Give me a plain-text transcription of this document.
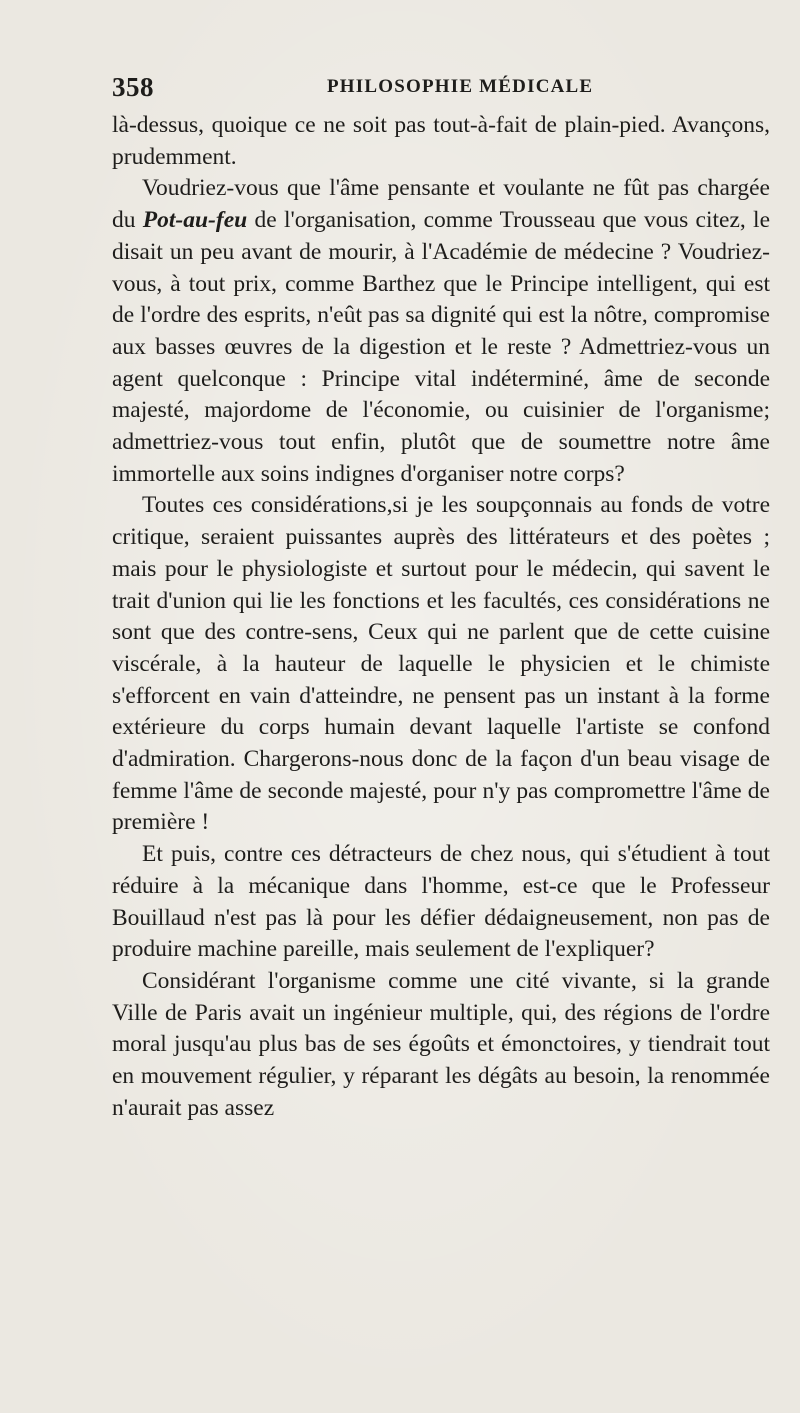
358	PHILOSOPHIE MÉDICALE

là-dessus, quoique ce ne soit pas tout-à-fait de plain-pied. Avançons, prudemment.

Voudriez-vous que l'âme pensante et voulante ne fût pas chargée du Pot-au-feu de l'organisation, comme Trousseau que vous citez, le disait un peu avant de mourir, à l'Académie de médecine ? Voudriez-vous, à tout prix, comme Barthez que le Principe intelligent, qui est de l'ordre des esprits, n'eût pas sa dignité qui est la nôtre, compromise aux basses œuvres de la digestion et le reste ? Admettriez-vous un agent quelconque : Principe vital indéterminé, âme de seconde majesté, majordome de l'économie, ou cuisinier de l'organisme; admettriez-vous tout enfin, plutôt que de soumettre notre âme immortelle aux soins indignes d'organiser notre corps?

Toutes ces considérations,si je les soupçonnais au fonds de votre critique, seraient puissantes auprès des littérateurs et des poètes ; mais pour le physiologiste et surtout pour le médecin, qui savent le trait d'union qui lie les fonctions et les facultés, ces considérations ne sont que des contre-sens, Ceux qui ne parlent que de cette cuisine viscérale, à la hauteur de laquelle le physicien et le chimiste s'efforcent en vain d'atteindre, ne pensent pas un instant à la forme extérieure du corps humain devant laquelle l'artiste se confond d'admiration. Chargerons-nous donc de la façon d'un beau visage de femme l'âme de seconde majesté, pour n'y pas compromettre l'âme de première !

Et puis, contre ces détracteurs de chez nous, qui s'étudient à tout réduire à la mécanique dans l'homme, est-ce que le Professeur Bouillaud n'est pas là pour les défier dédaigneusement, non pas de produire machine pareille, mais seulement de l'expliquer?

Considérant l'organisme comme une cité vivante, si la grande Ville de Paris avait un ingénieur multiple, qui, des régions de l'ordre moral jusqu'au plus bas de ses égoûts et émonctoires, y tiendrait tout en mouvement régulier, y réparant les dégâts au besoin, la renommée n'aurait pas assez
